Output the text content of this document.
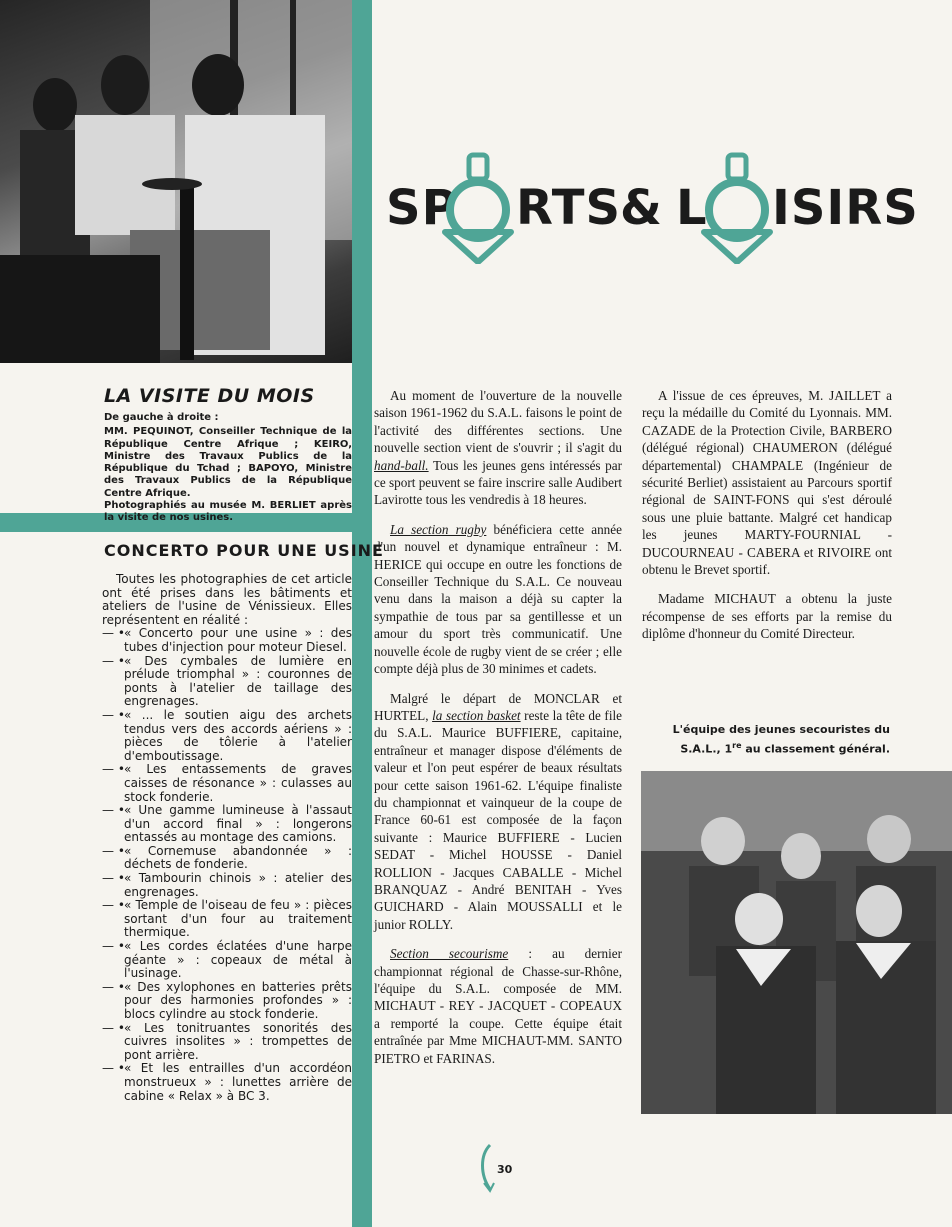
SP RTS
& L ISIRS
LA VISITE DU MOIS

De gauche à droite :

MM. PEQUINOT, Conseiller Technique de la République Centre Afrique ; KEIRO, Ministre des Travaux Publics de la République du Tchad ; BAPOYO, Ministre des Travaux Publics de la République Centre Afrique.

Photographiés au musée M. BERLIET après la visite de nos usines.

CONCERTO POUR UNE USINE

Toutes les photographies de cet article ont été prises dans les bâtiments et ateliers de l'usine de Vénissieux. Elles représentent en réalité :

— • « Concerto pour une usine » : des tubes d'injection pour moteur Diesel.
— • « Des cymbales de lumière en prélude triomphal » : couronnes de ponts à l'atelier de taillage des engrenages.
— • « ... le soutien aigu des archets tendus vers des accords aériens » : pièces de tôlerie à l'atelier d'emboutissage.
— • « Les entassements de graves caisses de résonance » : culasses au stock fonderie.
— • « Une gamme lumineuse à l'assaut d'un accord final » : longerons entassés au montage des camions.
— • « Cornemuse abandonnée » : déchets de fonderie.
— • « Tambourin chinois » : atelier des engrenages.
— • « Temple de l'oiseau de feu » : pièces sortant d'un four au traitement thermique.
— • « Les cordes éclatées d'une harpe géante » : copeaux de métal à l'usinage.
— • « Des xylophones en batteries prêts pour des harmonies profondes » : blocs cylindre au stock fonderie.
— • « Les tonitruantes sonorités des cuivres insolites » : trompettes de pont arrière.
— • « Et les entrailles d'un accordéon monstrueux » : lunettes arrière de cabine « Relax » à BC 3.

Au moment de l'ouverture de la nouvelle saison 1961-1962 du S.A.L. faisons le point de l'activité des différentes sections. Une nouvelle section vient de s'ouvrir ; il s'agit du hand-ball. Tous les jeunes gens intéressés par ce sport peuvent se faire inscrire salle Audibert Lavirotte tous les vendredis à 18 heures.

La section rugby bénéficiera cette année d'un nouvel et dynamique entraîneur : M. HERICE qui occupe en outre les fonctions de Conseiller Technique du S.A.L. Ce nouveau venu dans la maison a déjà su capter la sympathie de tous par sa gentillesse et un amour du sport très communicatif. Une nouvelle école de rugby vient de se créer ; elle compte déjà plus de 30 minimes et cadets.

Malgré le départ de MONCLAR et HURTEL, la section basket reste la tête de file du S.A.L. Maurice BUFFIERE, capitaine, entraîneur et manager dispose d'éléments de valeur et l'on peut espérer de beaux résultats pour cette saison 1961-62. L'équipe finaliste du championnat et vainqueur de la coupe de France 60-61 est composée de la façon suivante : Maurice BUFFIERE - Lucien SEDAT - Michel HOUSSE - Daniel ROLLION - Jacques CABALLE - Michel BRANQUAZ - André BENITAH - Yves GUICHARD - Alain MOUSSALLI et le junior ROLLY.

Section secourisme : au dernier championnat régional de Chasse-sur-Rhône, l'équipe du S.A.L. composée de MM. MICHAUT - REY - JACQUET - COPEAUX a remporté la coupe. Cette équipe était entraînée par Mme MICHAUT-MM. SANTO PIETRO et FARINAS.

A l'issue de ces épreuves, M. JAILLET a reçu la médaille du Comité du Lyonnais. MM. CAZADE de la Protection Civile, BARBERO (délégué régional) CHAUMERON (délégué départemental) CHAMPALE (Ingénieur de sécurité Berliet) assistaient au Parcours sportif régional de SAINT-FONS qui s'est déroulé sous une pluie battante. Malgré cet handicap les jeunes MARTY-FOURNIAL - DUCOURNEAU - CABERA et RIVOIRE ont obtenu le Brevet sportif.

Madame MICHAUT a obtenu la juste récompense de ses efforts par la remise du diplôme d'honneur du Comité Directeur.

L'équipe des jeunes secouristes du
S.A.L., 1re au classement général.
30
